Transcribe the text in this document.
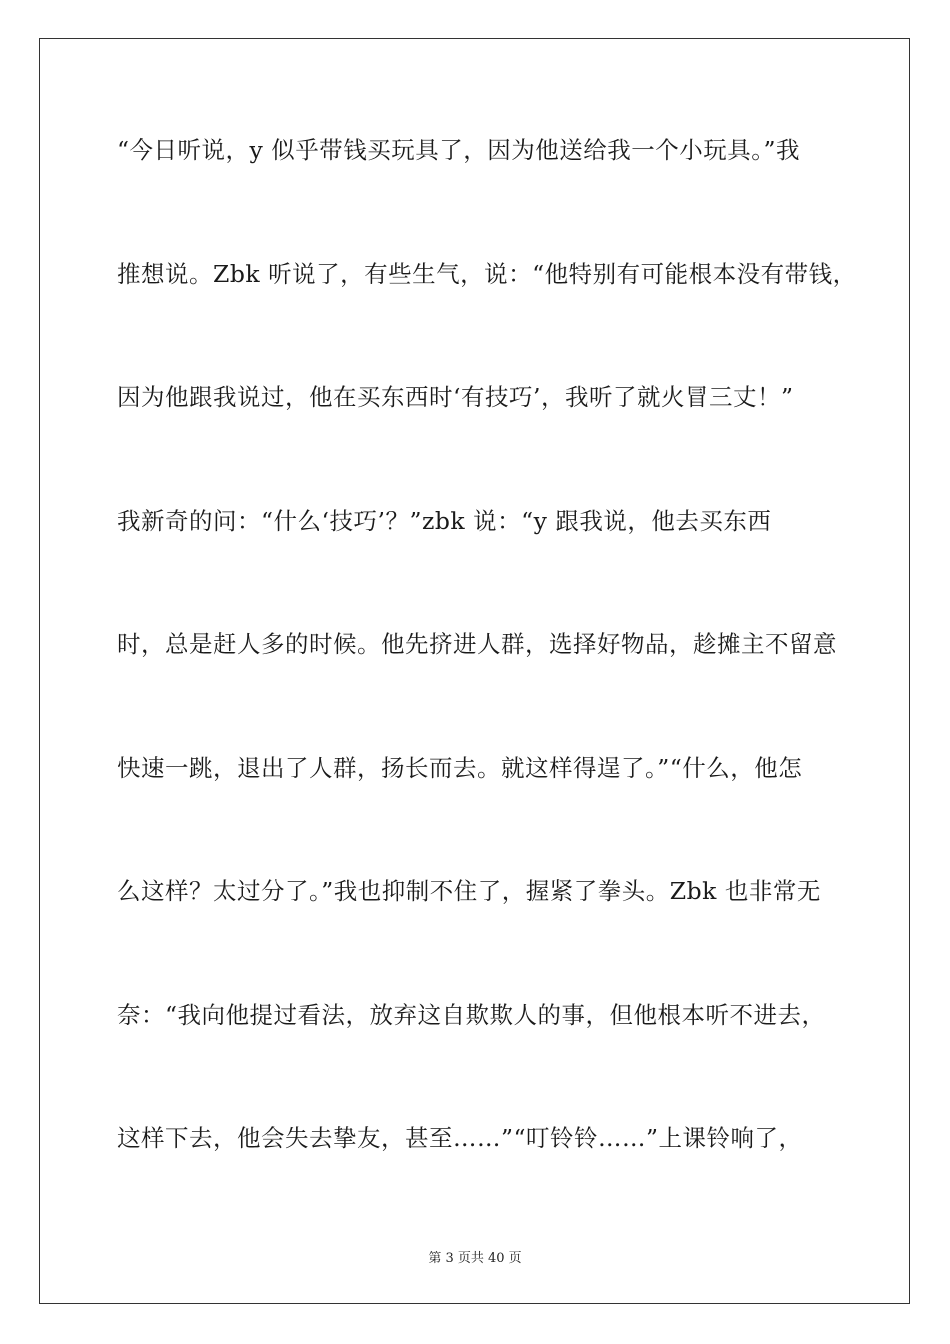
“今日听说，y 似乎带钱买玩具了，因为他送给我一个小玩具。”我
推想说。Zbk 听说了，有些生气，说：“他特别有可能根本没有带钱，
因为他跟我说过，他在买东西时‘有技巧’，我听了就火冒三丈！”
我新奇的问：“什么‘技巧’？”zbk 说：“y 跟我说，他去买东西
时，总是赶人多的时候。他先挤进人群，选择好物品，趁摊主不留意
快速一跳，退出了人群，扬长而去。就这样得逞了。”“什么，他怎
么这样？太过分了。”我也抑制不住了，握紧了拳头。Zbk 也非常无
奈：“我向他提过看法，放弃这自欺欺人的事，但他根本听不进去，
这样下去，他会失去挚友，甚至……”“叮铃铃……”上课铃响了，
第 3 页共 40 页
